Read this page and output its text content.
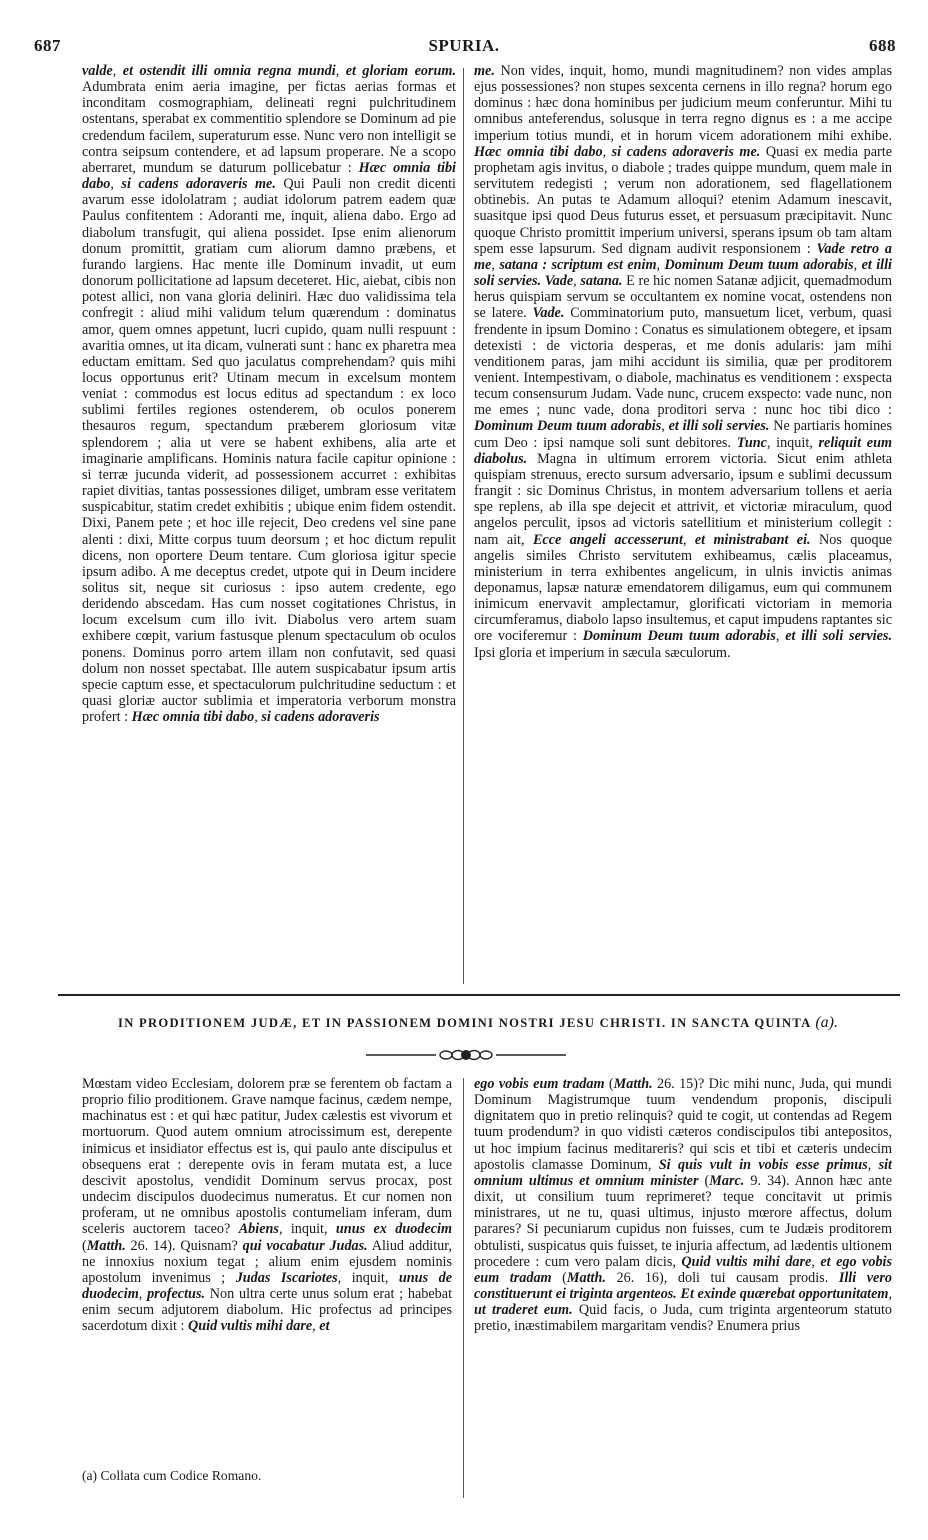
687	SPURIA.	688

valde, et ostendit illi omnia regna mundi, et gloriam eorum. Adumbrata enim aeria imagine, per fictas aerias formas et inconditam cosmographiam, delineati regni pulchritudinem ostentans, sperabat ex commentitio splendore se Dominum ad pie credendum facilem, superaturum esse. Nunc vero non intelligit se contra seipsum contendere, et ad lapsum properare. Ne a scopo aberraret, mundum se daturum pollicebatur : Hæc omnia tibi dabo, si cadens adoraveris me. Qui Pauli non credit dicenti avarum esse idololatram ; audiat idolorum patrem eadem quæ Paulus confitentem : Adoranti me, inquit, aliena dabo. Ergo ad diabolum transfugit, qui aliena possidet. Ipse enim alienorum donum promittit, gratiam cum aliorum damno præbens, et furando largiens. Hac mente ille Dominum invadit, ut eum donorum pollicitatione ad lapsum deceteret. Hic, aiebat, cibis non potest allici, non vana gloria deliniri. Hæc duo validissima tela confregit : aliud mihi validum telum quærendum : dominatus amor, quem omnes appetunt, lucri cupido, quam nulli respuunt : avaritia omnes, ut ita dicam, vulnerati sunt : hanc ex pharetra mea eductam emittam. Sed quo jaculatus comprehendam? quis mihi locus opportunus erit? Utinam mecum in excelsum montem veniat : commodus est locus editus ad spectandum : ex loco sublimi fertiles regiones ostenderem, ob oculos ponerem thesauros regum, spectandum præberem gloriosum vitæ splendorem ; alia ut vere se habent exhibens, alia arte et imaginarie amplificans. Hominis natura facile capitur opinione : si terræ jucunda viderit, ad possessionem accurret : exhibitas rapiet divitias, tantas possessiones diliget, umbram esse veritatem suspicabitur, statim credet exhibitis ; ubique enim fidem ostendit. Dixi, Panem pete ; et hoc ille rejecit, Deo credens vel sine pane alenti : dixi, Mitte corpus tuum deorsum ; et hoc dictum repulit dicens, non oportere Deum tentare. Cum gloriosa igitur specie ipsum adibo. A me deceptus credet, utpote qui in Deum incidere solitus sit, neque sit curiosus : ipso autem credente, ego deridendo abscedam. Has cum nosset cogitationes Christus, in locum excelsum cum illo ivit. Diabolus vero artem suam exhibere cœpit, varium fastusque plenum spectaculum ob oculos ponens. Dominus porro artem illam non confutavit, sed quasi dolum non nosset spectabat. Ille autem suspicabatur ipsum artis specie captum esse, et spectaculorum pulchritudine seductum : et quasi gloriæ auctor sublimia et imperatoria verborum monstra profert : Hæc omnia tibi dabo, si cadens adoraveris

me. Non vides, inquit, homo, mundi magnitudinem? non vides amplas ejus possessiones? non stupes sexcenta cernens in illo regna? horum ego dominus : hæc dona hominibus per judicium meum conferuntur. Mihi tu omnibus anteferendus, solusque in terra regno dignus es : a me accipe imperium totius mundi, et in horum vicem adorationem mihi exhibe. Hæc omnia tibi dabo, si cadens adoraveris me. Quasi ex media parte prophetam agis invitus, o diabole ; trades quippe mundum, quem male in servitutem redegisti ; verum non adorationem, sed flagellationem obtinebis. An putas te Adamum alloqui? etenim Adamum inescavit, suasitque ipsi quod Deus futurus esset, et persuasum præcipitavit. Nunc quoque Christo promittit imperium universi, sperans ipsum ob tam altam spem esse lapsurum. Sed dignam audivit responsionem : Vade retro a me, satana : scriptum est enim, Dominum Deum tuum adorabis, et illi soli servies. Vade, satana. E re hic nomen Satanæ adjicit, quemadmodum herus quispiam servum se occultantem ex nomine vocat, ostendens non se latere. Vade. Comminatorium puto, mansuetum licet, verbum, quasi frendente in ipsum Domino : Conatus es simulationem obtegere, et ipsam detexisti : de victoria desperas, et me donis adularis: jam mihi venditionem paras, jam mihi accidunt iis similia, quæ per proditorem venient. Intempestivam, o diabole, machinatus es venditionem : exspecta tecum consensurum Judam. Vade nunc, crucem exspecto: vade nunc, non me emes ; nunc vade, dona proditori serva : nunc hoc tibi dico : Dominum Deum tuum adorabis, et illi soli servies. Ne partiaris homines cum Deo : ipsi namque soli sunt debitores. Tunc, inquit, reliquit eum diabolus. Magna in ultimum errorem victoria. Sicut enim athleta quispiam strenuus, erecto sursum adversario, ipsum e sublimi decussum frangit : sic Dominus Christus, in montem adversarium tollens et aeria spe replens, ab illa spe dejecit et attrivit, et victoriæ miraculum, quod angelos perculit, ipsos ad victoris satellitium et ministerium collegit : nam ait, Ecce angeli accesserunt, et ministrabant ei. Nos quoque angelis similes Christo servitutem exhibeamus, cælis placeamus, ministerium in terra exhibentes angelicum, in ulnis invictis animas deponamus, lapsæ naturæ emendatorem diligamus, eum qui communem inimicum enervavit amplectamur, glorificati victoriam in memoria circumferamus, diabolo lapso insultemus, et caput impudens raptantes sic ore vociferemur : Dominum Deum tuum adorabis, et illi soli servies. Ipsi gloria et imperium in sæcula sæculorum.

IN PRODITIONEM JUDÆ, ET IN PASSIONEM DOMINI NOSTRI JESU CHRISTI. IN SANCTA QUINTA (a).

Mœstam video Ecclesiam, dolorem præ se ferentem ob factam a proprio filio proditionem. Grave namque facinus, cædem nempe, machinatus est : et qui hæc patitur, Judex cælestis est vivorum et mortuorum. Quod autem omnium atrocissimum est, derepente inimicus et insidiator effectus est is, qui paulo ante discipulus et obsequens erat : derepente ovis in feram mutata est, a luce descivit apostolus, vendidit Dominum servus procax, post undecim discipulos duodecimus numeratus. Et cur nomen non proferam, ut ne omnibus apostolis contumeliam inferam, dum sceleris auctorem taceo? Abiens, inquit, unus ex duodecim (Matth. 26. 14). Quisnam? qui vocabatur Judas. Aliud additur, ne innoxius noxium tegat ; alium enim ejusdem nominis apostolum invenimus ; Judas Iscariotes, inquit, unus de duodecim, profectus. Non ultra certe unus solum erat ; habebat enim secum adjutorem diabolum. Hic profectus ad principes sacerdotum dixit : Quid vultis mihi dare, et

ego vobis eum tradam (Matth. 26. 15)? Dic mihi nunc, Juda, qui mundi Dominum Magistrumque tuum vendendum proponis, discipuli dignitatem quo in pretio relinquis? quid te cogit, ut contendas ad Regem tuum prodendum? in quo vidisti cæteros condiscipulos tibi antepositos, ut hoc impium facinus meditareris? qui scis et tibi et cæteris undecim apostolis clamasse Dominum, Si quis vult in vobis esse primus, sit omnium ultimus et omnium minister (Marc. 9. 34). Annon hæc ante dixit, ut consilium tuum reprimeret? teque concitavit ut primis ministrares, ut ne tu, quasi ultimus, injusto mœrore affectus, dolum parares? Si pecuniarum cupidus non fuisses, cum te Judæis proditorem obtulisti, suspicatus quis fuisset, te injuria affectum, ad lædentis ultionem procedere : cum vero palam dicis, Quid vultis mihi dare, et ego vobis eum tradam (Matth. 26. 16), doli tui causam prodis. Illi vero constituerunt ei triginta argenteos. Et exinde quærebat opportunitatem, ut traderet eum. Quid facis, o Juda, cum triginta argenteorum statuto pretio, inæstimabilem margaritam vendis? Enumera prius

(a) Collata cum Codice Romano.
